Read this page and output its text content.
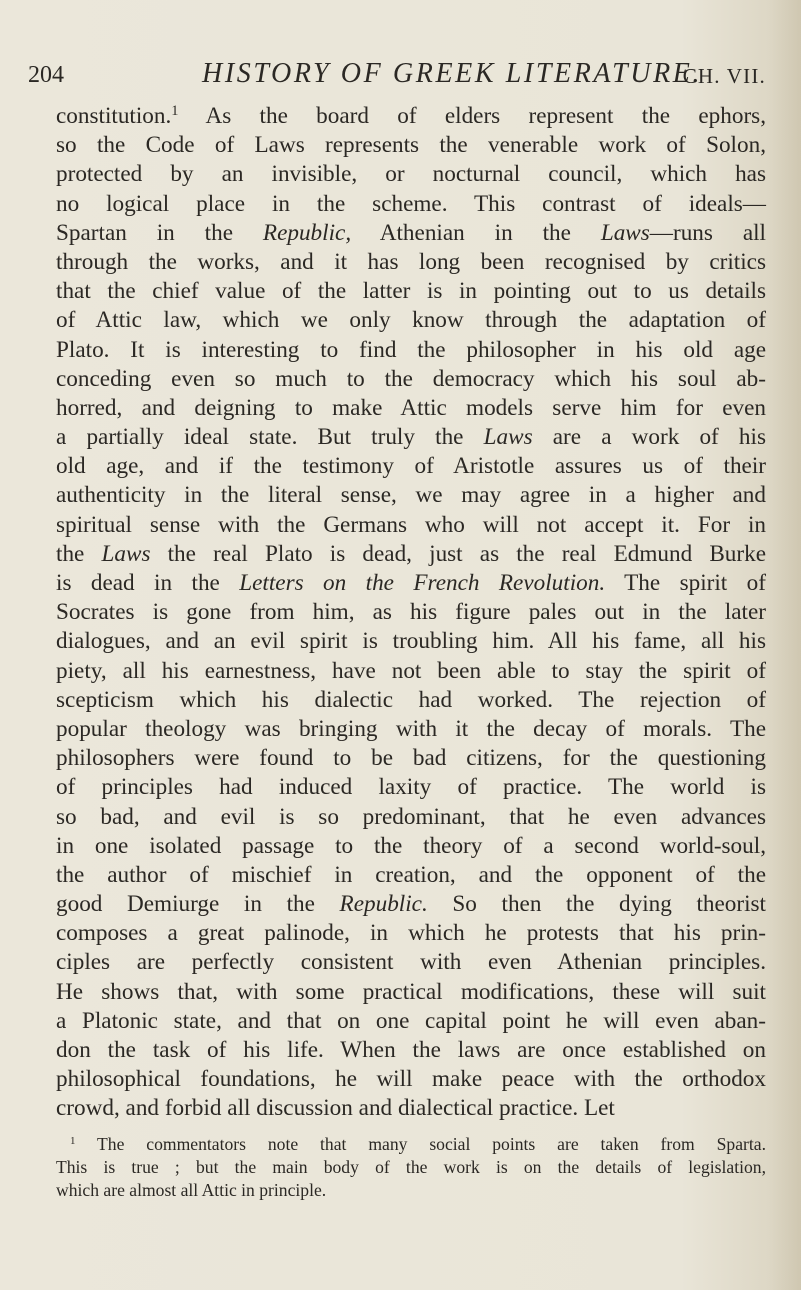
204	HISTORY OF GREEK LITERATURE.
CH. VII.
constitution.$^1$ As the board of elders represent the ephors,
so the Code of Laws represents the venerable work of Solon,
protected by an invisible, or nocturnal council, which has
no logical place in the scheme. This contrast of ideals—
Spartan in the Republic, Athenian in the Laws—runs all
through the works, and it has long been recognised by critics
that the chief value of the latter is in pointing out to us details
of Attic law, which we only know through the adaptation of
Plato. It is interesting to find the philosopher in his old age
conceding even so much to the democracy which his soul ab-
horred, and deigning to make Attic models serve him for even
a partially ideal state. But truly the Laws are a work of his
old age, and if the testimony of Aristotle assures us of their
authenticity in the literal sense, we may agree in a higher and
spiritual sense with the Germans who will not accept it. For in
the Laws the real Plato is dead, just as the real Edmund Burke
is dead in the Letters on the French Revolution. The spirit of
Socrates is gone from him, as his figure pales out in the later
dialogues, and an evil spirit is troubling him. All his fame, all his
piety, all his earnestness, have not been able to stay the spirit of
scepticism which his dialectic had worked. The rejection of
popular theology was bringing with it the decay of morals. The
philosophers were found to be bad citizens, for the questioning
of principles had induced laxity of practice. The world is
so bad, and evil is so predominant, that he even advances
in one isolated passage to the theory of a second world-soul,
the author of mischief in creation, and the opponent of the
good Demiurge in the Republic. So then the dying theorist
composes a great palinode, in which he protests that his prin-
ciples are perfectly consistent with even Athenian principles.
He shows that, with some practical modifications, these will suit
a Platonic state, and that on one capital point he will even aban-
don the task of his life. When the laws are once established on
philosophical foundations, he will make peace with the orthodox
crowd, and forbid all discussion and dialectical practice. Let
$^1$ The commentators note that many social points are taken from Sparta.
This is true ; but the main body of the work is on the details of legislation,
which are almost all Attic in principle.
